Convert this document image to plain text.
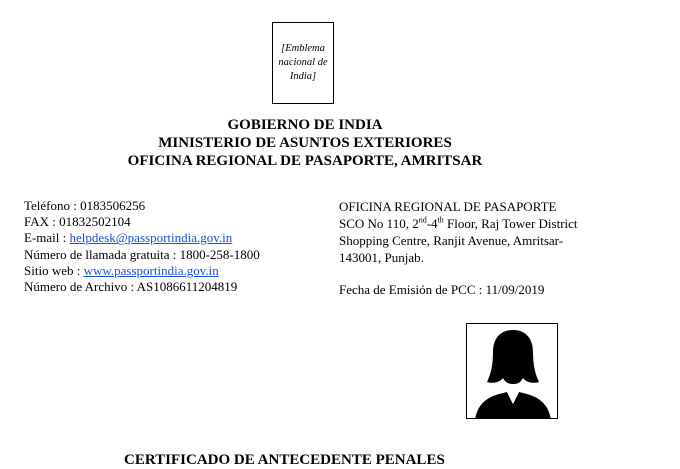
[Emblema nacional de India]
GOBIERNO DE INDIA
MINISTERIO DE ASUNTOS EXTERIORES
OFICINA REGIONAL DE PASAPORTE, AMRITSAR
Teléfono : 0183506256
FAX : 01832502104
E-mail : helpdesk@passportindia.gov.in
Número de llamada gratuita : 1800-258-1800
Sitio web : www.passportindia.gov.in
Número de Archivo : AS1086611204819
OFICINA REGIONAL DE PASAPORTE
SCO No 110, 2nd-4th Floor, Raj Tower District
Shopping Centre, Ranjit Avenue, Amritsar-
143001, Punjab.
Fecha de Emisión de PCC : 11/09/2019
CERTIFICADO DE ANTECEDENTE PENALES
